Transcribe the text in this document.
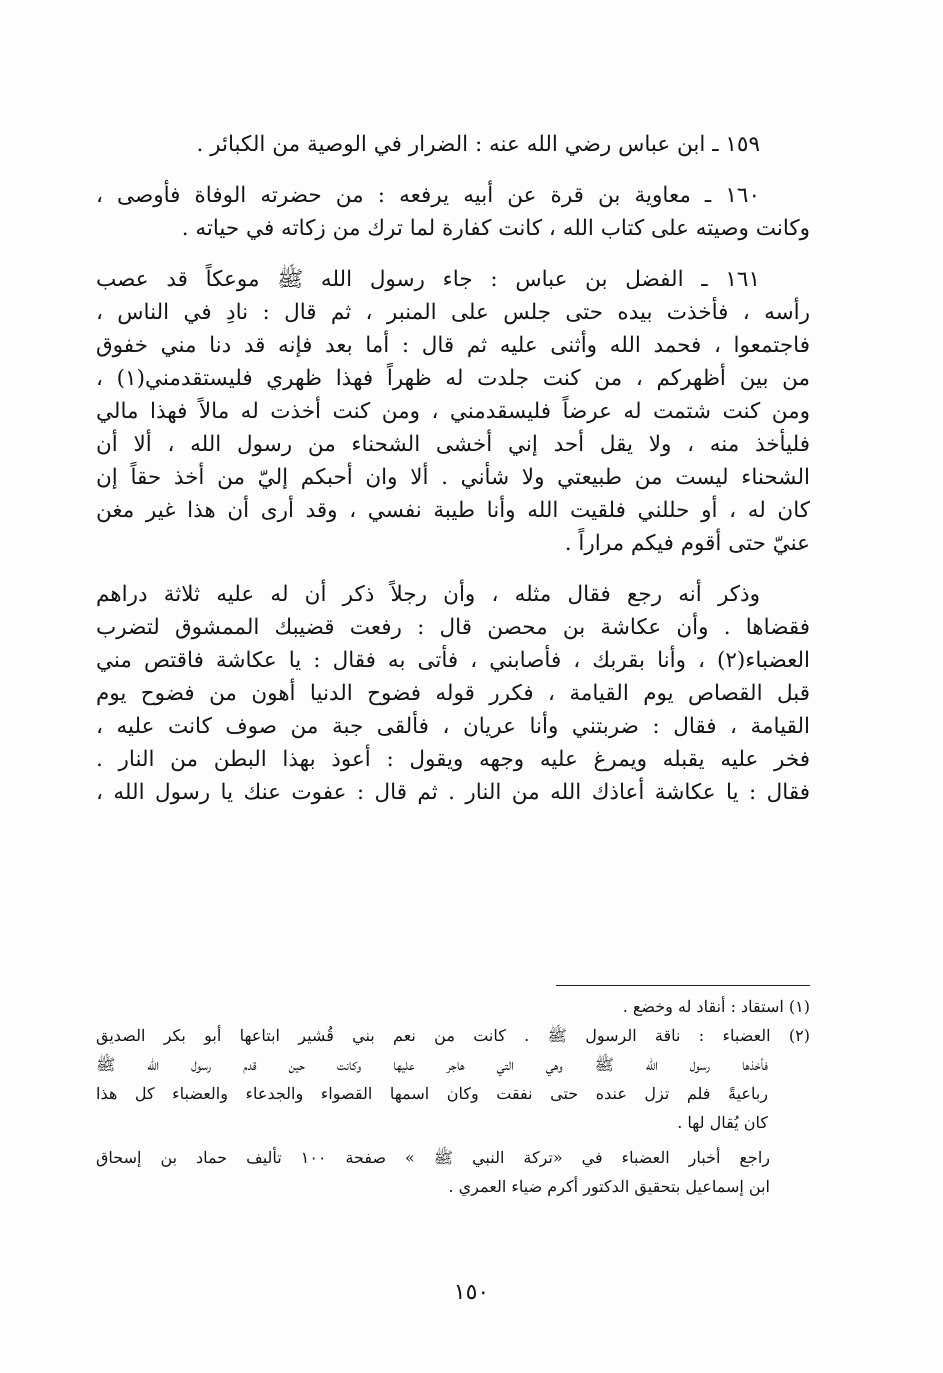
١٥٩ ـ ابن عباس رضي الله عنه : الضرار في الوصية من الكبائر .

١٦٠ ـ معاوية بن قرة عن أبيه يرفعه : من حضرته الوفاة فأوصى ،

وكانت وصيته على كتاب الله ، كانت كفارة لما ترك من زكاته في حياته .

١٦١ ـ الفضل بن عباس : جاء رسول الله ﷺ موعكاً قد عصب

رأسه ، فأخذت بيده حتى جلس على المنبر ، ثم قال : نادِ في الناس ،

فاجتمعوا ، فحمد الله وأثنى عليه ثم قال : أما بعد فإنه قد دنا مني خفوق

من بين أظهركم ، من كنت جلدت له ظهراً فهذا ظهري فليستقدمني(١) ،

ومن كنت شتمت له عرضاً فليسقدمني ، ومن كنت أخذت له مالاً فهذا مالي

فليأخذ منه ، ولا يقل أحد إني أخشى الشحناء من رسول الله ، ألا أن

الشحناء ليست من طبيعتي ولا شأني . ألا وان أحبكم إليّ من أخذ حقاً إن

كان له ، أو حللني فلقيت الله وأنا طيبة نفسي ، وقد أرى أن هذا غير مغن

عنيّ حتى أقوم فيكم مراراً .

وذكر أنه رجع فقال مثله ، وأن رجلاً ذكر أن له عليه ثلاثة دراهم

فقضاها . وأن عكاشة بن محصن قال : رفعت قضيبك الممشوق لتضرب

العضباء(٢) ، وأنا بقربك ، فأصابني ، فأتى به فقال : يا عكاشة فاقتص مني

قبل القصاص يوم القيامة ، فكرر قوله فضوح الدنيا أهون من فضوح يوم

القيامة ، فقال : ضربتني وأنا عريان ، فألقى جبة من صوف كانت عليه ،

فخر عليه يقبله ويمرغ عليه وجهه ويقول : أعوذ بهذا البطن من النار .

فقال : يا عكاشة أعاذك الله من النار . ثم قال : عفوت عنك يا رسول الله ،

(١) استقاد : أنقاد له وخضع .

(٢) العضباء : ناقة الرسول ﷺ . كانت من نعم بني قُشير ابتاعها أبو بكر الصديق

فأخذها رسول الله ﷺ وهي التي هاجر عليها وكانت حين قدم رسول الله ﷺ

رباعيةً فلم تزل عنده حتى نفقت وكان اسمها القصواء والجدعاء والعضباء كل هذا

كان يُقال لها .

راجع أخبار العضباء في «تركة النبي ﷺ » صفحة ١٠٠ تأليف حماد بن إسحاق

ابن إسماعيل بتحقيق الدكتور أكرم ضياء العمري .

١٥٠
